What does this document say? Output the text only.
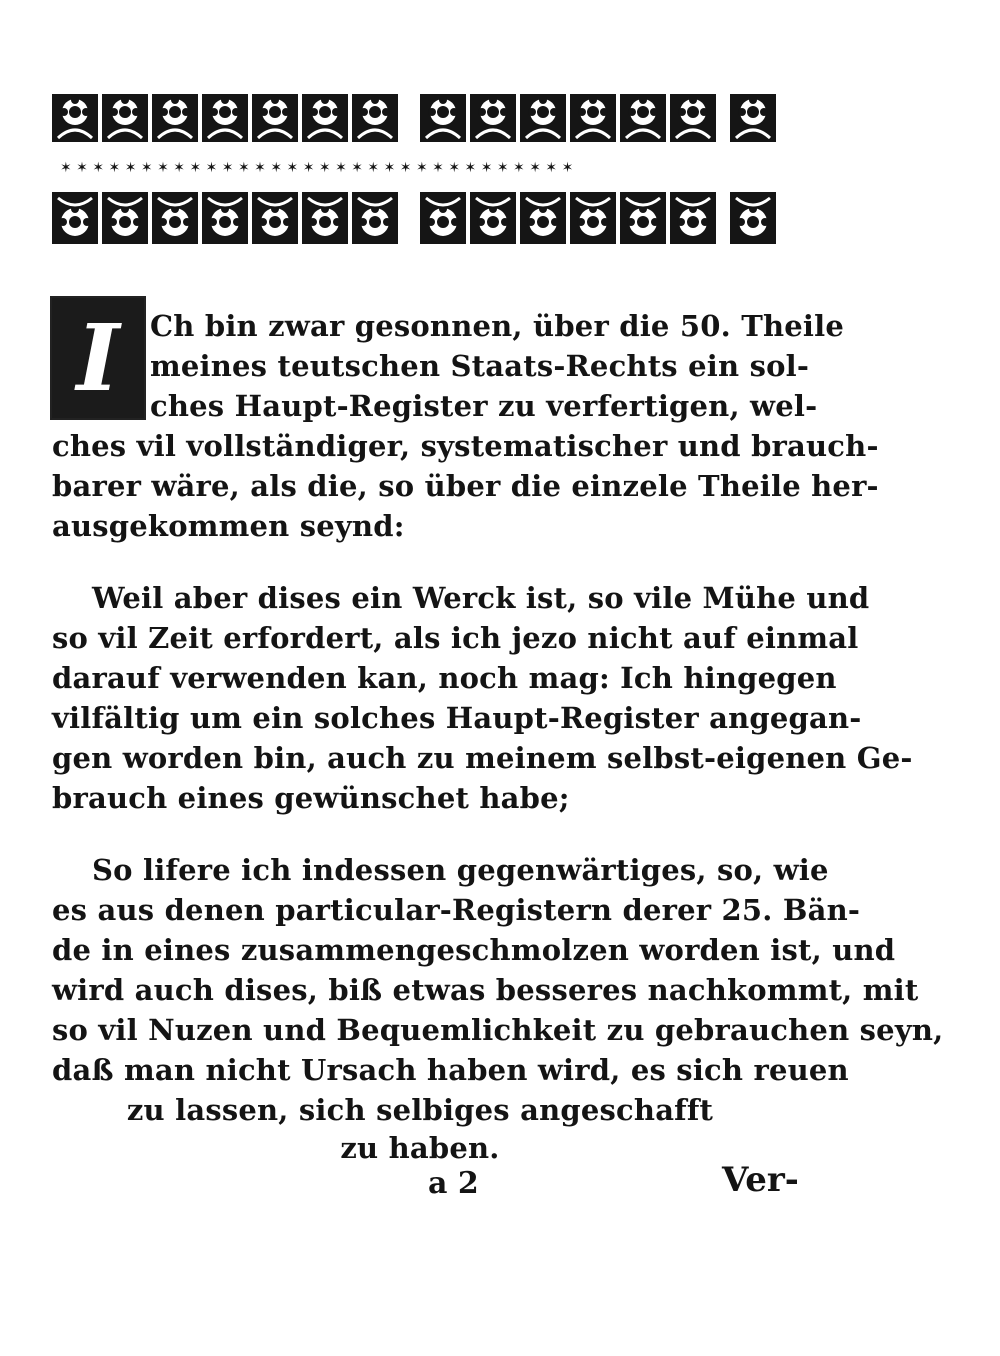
✶ ✶ ✶ ✶ ✶ ✶ ✶ ✶ ✶ ✶ ✶ ✶ ✶ ✶ ✶ ✶ ✶ ✶ ✶ ✶ ✶ ✶ ✶ ✶ ✶ ✶ ✶ ✶ ✶ ✶ ✶ ✶
I	Ch bin zwar gesonnen, über die 50. Theile
meines teutschen Staats-Rechts ein sol-
ches Haupt-Register zu verfertigen, wel-
ches vil vollständiger, systematischer und brauch-
barer wäre, als die, so über die einzele Theile her-
ausgekommen seynd:
Weil aber dises ein Werck ist, so vile Mühe und
so vil Zeit erfordert, als ich jezo nicht auf einmal
darauf verwenden kan, noch mag: Ich hingegen
vilfältig um ein solches Haupt-Register angegan-
gen worden bin, auch zu meinem selbst-eigenen Ge-
brauch eines gewünschet habe;
So lifere ich indessen gegenwärtiges, so, wie
es aus denen particular-Registern derer 25. Bän-
de in eines zusammengeschmolzen worden ist, und
wird auch dises, biß etwas besseres nachkommt, mit
so vil Nuzen und Bequemlichkeit zu gebrauchen seyn,
daß man nicht Ursach haben wird, es sich reuen
zu lassen, sich selbiges angeschafft
zu haben.
a 2	Ver-
